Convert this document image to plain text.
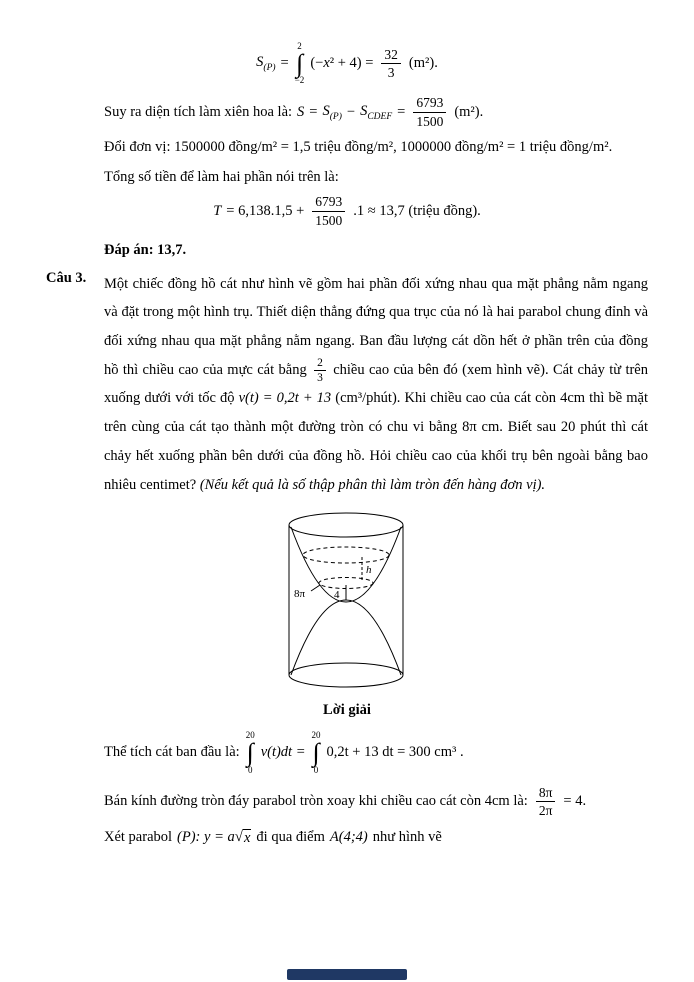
$S_{(P)}$ =
2
∫
−2
$(-x^2 + 4) = \frac{32}{3} (m^2)$.
Suy ra diện tích làm xiên hoa là: $S = S_{(P)} - S_{CDEF} = \frac{6793}{1500} (m^2)$.
Đổi đơn vị: 1500000 đồng/m² = 1,5 triệu đồng/m², 1000000 đồng/m² = 1 triệu đồng/m².
Tổng số tiền để làm hai phần nói trên là:
$T = 6,138.1,5 + \frac{6793}{1500} .1 \approx 13,7$ (triệu đồng).
Đáp án: 13,7.
Câu 3.	Một chiếc đồng hồ cát như hình vẽ gồm hai phần đối xứng nhau qua mặt phẳng nằm ngang và đặt trong một hình trụ. Thiết diện thẳng đứng qua trục của nó là hai parabol chung đỉnh và đối xứng nhau qua mặt phẳng nằm ngang. Ban đầu lượng cát dồn hết ở phần trên của đồng hồ thì chiều cao của mực cát bằng $\frac{2}{3}$ chiều cao của bên đó (xem hình vẽ). Cát chảy từ trên xuống dưới với tốc độ v(t) = 0,2t + 13 (cm³/phút). Khi chiều cao của cát còn 4cm thì bề mặt trên cùng của cát tạo thành một đường tròn có chu vi bằng 8π cm. Biết sau 20 phút thì cát chảy hết xuống phần bên dưới của đồng hồ. Hỏi chiều cao của khối trụ bên ngoài bằng bao nhiêu centimet? (Nếu kết quả là số thập phân thì làm tròn đến hàng đơn vị).
h
4
8π
Lời giải
Thể tích cát ban đầu là:
20
∫
0
v(t)dt =
20
∫
0
0,2t + 13 dt = 300 cm³ .
Bán kính đường tròn đáy parabol tròn xoay khi chiều cao cát còn 4cm là: $\frac{8\pi}{2\pi} = 4$.
Xét parabol (P): y = a √ x đi qua điểm A(4;4) như hình vẽ
